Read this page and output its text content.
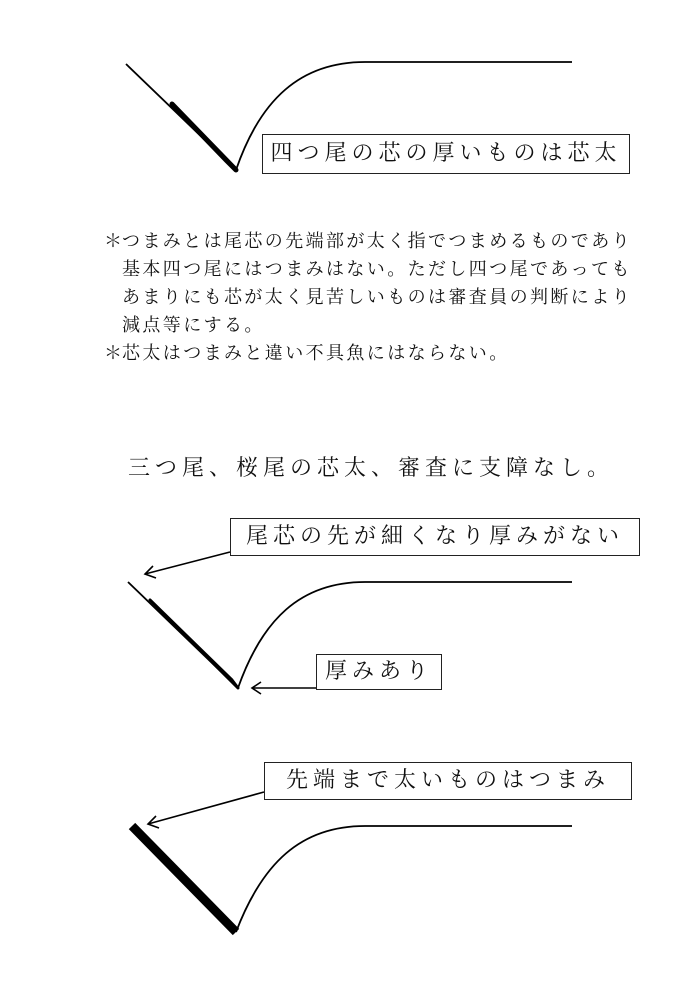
四つ尾の芯の厚いものは芯太
＊
つまみとは尾芯の先端部が太く指でつまめるものであり
基本四つ尾にはつまみはない。ただし四つ尾であっても
あまりにも芯が太く見苦しいものは審査員の判断により
減点等にする。
＊
芯太はつまみと違い不具魚にはならない。
三つ尾、桜尾の芯太、審査に支障なし。
尾芯の先が細くなり厚みがない
厚みあり
先端まで太いものはつまみ
